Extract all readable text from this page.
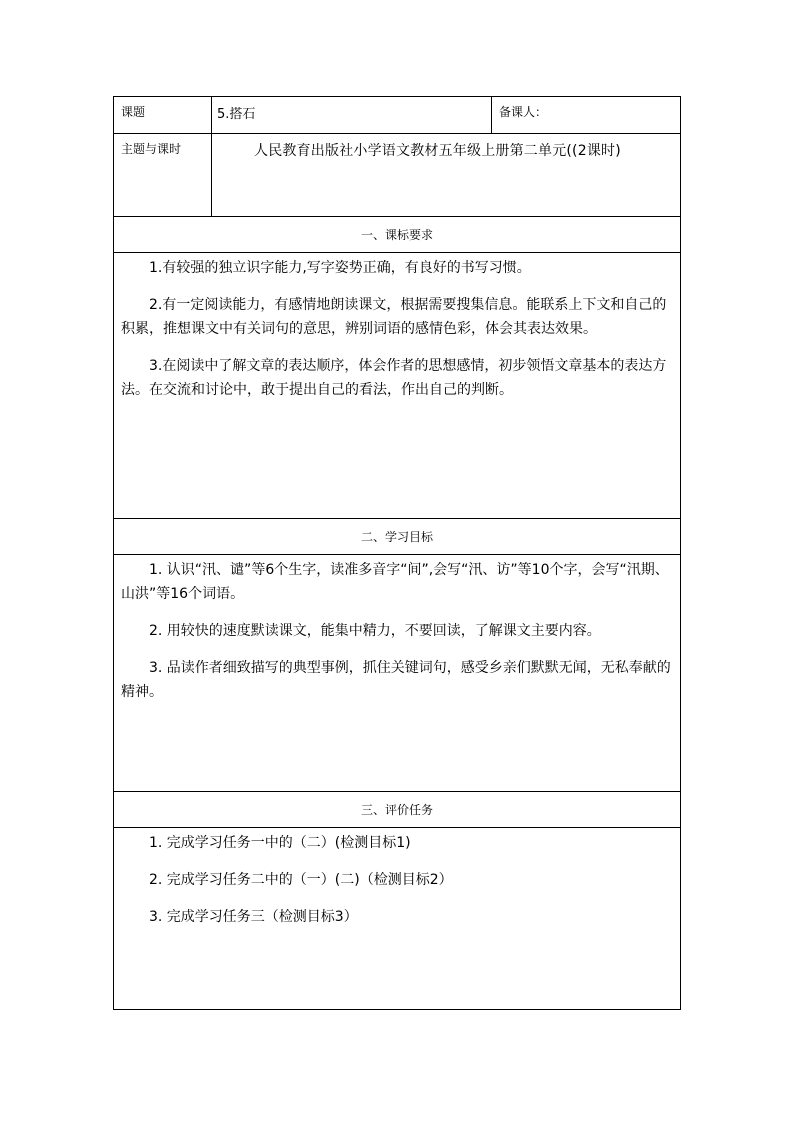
课题	5.搭石	备课人：
主题与课时	人民教育出版社小学语文教材五年级上册第二单元((2课时)	
一、课标要求		

1.有较强的独立识字能力,写字姿势正确，有良好的书写习惯。

2.有一定阅读能力，有感情地朗读课文，根据需要搜集信息。能联系上下文和自己的积累，推想课文中有关词句的意思，辨别词语的感情色彩，体会其表达效果。

3.在阅读中了解文章的表达顺序，体会作者的思想感情，初步领悟文章基本的表达方法。在交流和讨论中，敢于提出自己的看法，作出自己的判断。		

二、学习目标		

1. 认识“汛、谴”等6个生字，读准多音字“间”,会写“汛、访”等10个字，会写“汛期、山洪”等16个词语。

2. 用较快的速度默读课文，能集中精力，不要回读，了解课文主要内容。

3. 品读作者细致描写的典型事例，抓住关键词句，感受乡亲们默默无闻，无私奉献的精神。		

三、评价任务		

1. 完成学习任务一中的（二）(检测目标1)

2. 完成学习任务二中的（一）(二)（检测目标2）

3. 完成学习任务三（检测目标3）		
